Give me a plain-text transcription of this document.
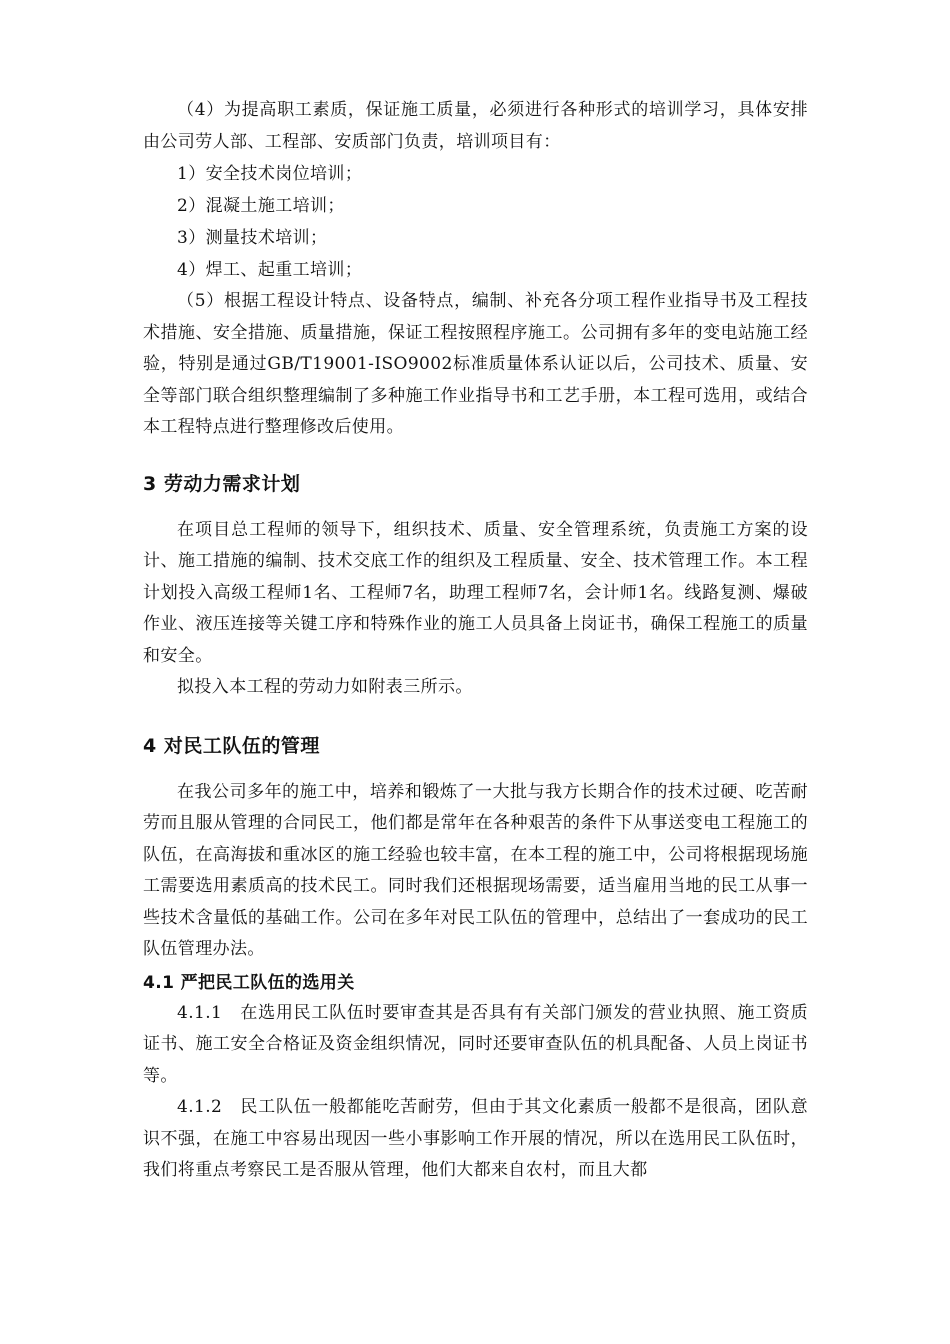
（4）为提高职工素质，保证施工质量，必须进行各种形式的培训学习，具体安排由公司劳人部、工程部、安质部门负责，培训项目有：

1）安全技术岗位培训；

2）混凝土施工培训；

3）测量技术培训；

4）焊工、起重工培训；

（5）根据工程设计特点、设备特点，编制、补充各分项工程作业指导书及工程技术措施、安全措施、质量措施，保证工程按照程序施工。公司拥有多年的变电站施工经验，特别是通过GB/T19001-ISO9002标准质量体系认证以后，公司技术、质量、安全等部门联合组织整理编制了多种施工作业指导书和工艺手册，本工程可选用，或结合本工程特点进行整理修改后使用。

3 劳动力需求计划

在项目总工程师的领导下，组织技术、质量、安全管理系统，负责施工方案的设计、施工措施的编制、技术交底工作的组织及工程质量、安全、技术管理工作。本工程计划投入高级工程师1名、工程师7名，助理工程师7名，会计师1名。线路复测、爆破作业、液压连接等关键工序和特殊作业的施工人员具备上岗证书，确保工程施工的质量和安全。

拟投入本工程的劳动力如附表三所示。

4 对民工队伍的管理

在我公司多年的施工中，培养和锻炼了一大批与我方长期合作的技术过硬、吃苦耐劳而且服从管理的合同民工，他们都是常年在各种艰苦的条件下从事送变电工程施工的队伍，在高海拔和重冰区的施工经验也较丰富，在本工程的施工中，公司将根据现场施工需要选用素质高的技术民工。同时我们还根据现场需要，适当雇用当地的民工从事一些技术含量低的基础工作。公司在多年对民工队伍的管理中，总结出了一套成功的民工队伍管理办法。

4.1 严把民工队伍的选用关

4.1.1　在选用民工队伍时要审查其是否具有有关部门颁发的营业执照、施工资质证书、施工安全合格证及资金组织情况，同时还要审查队伍的机具配备、人员上岗证书等。

4.1.2　民工队伍一般都能吃苦耐劳，但由于其文化素质一般都不是很高，团队意识不强，在施工中容易出现因一些小事影响工作开展的情况，所以在选用民工队伍时，我们将重点考察民工是否服从管理，他们大都来自农村，而且大都
